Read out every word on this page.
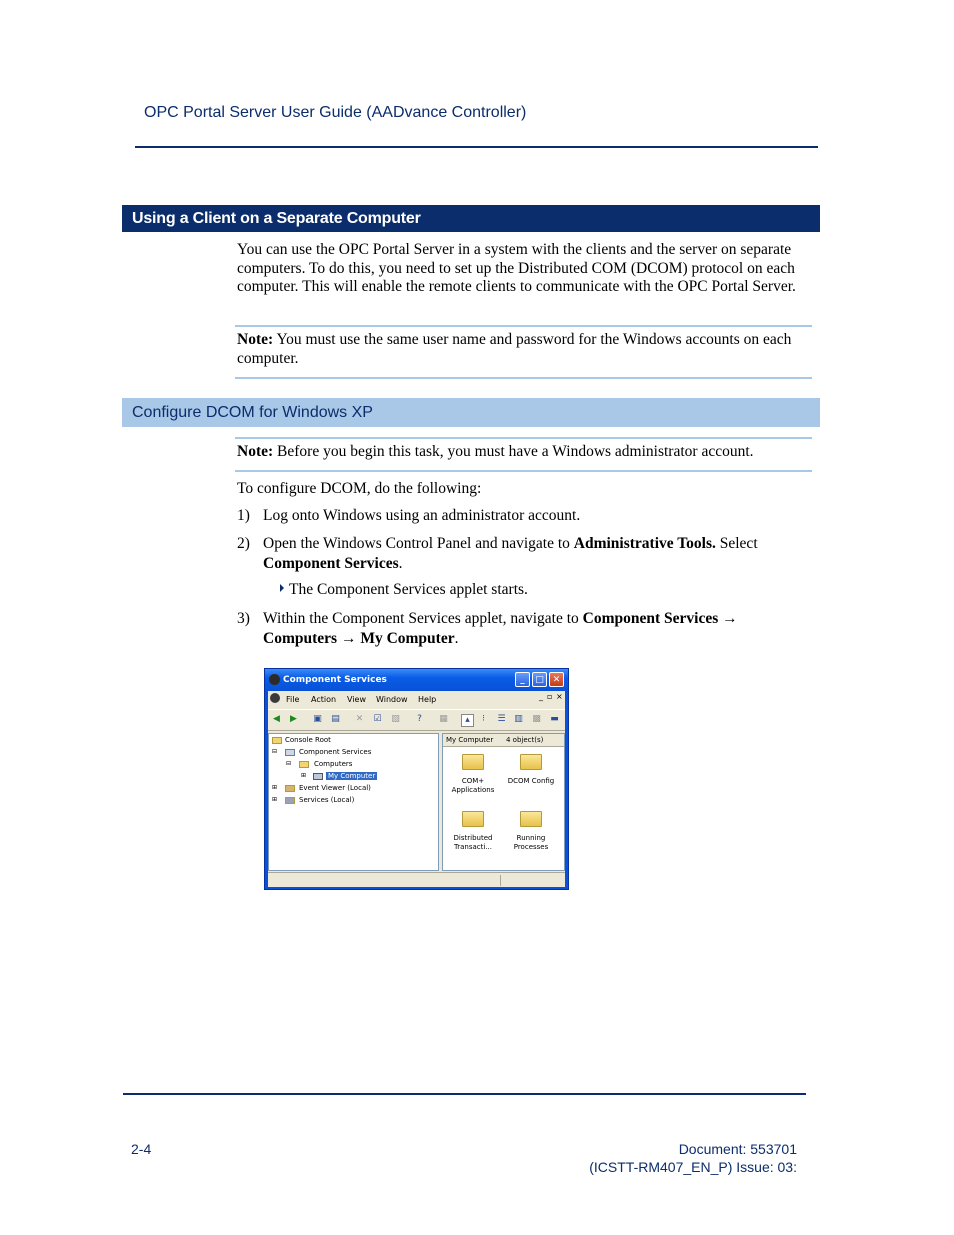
OPC Portal Server User Guide (AADvance Controller)
Using a Client on a Separate Computer
You can use the OPC Portal Server in a system with the clients and the server on separate computers. To do this, you need to set up the Distributed COM (DCOM) protocol on each computer. This will enable the remote clients to communicate with the OPC Portal Server.
Note: You must use the same user name and password for the Windows accounts on each computer.
Configure DCOM for Windows XP
Note: Before you begin this task, you must have a Windows administrator account.
To configure DCOM, do the following:
1) Log onto Windows using an administrator account.
2) Open the Windows Control Panel and navigate to Administrative Tools. Select Component Services.
The Component Services applet starts.
3) Within the Component Services applet, navigate to Component Services → Computers → My Computer.
Component Services	_	□ ✕
File Action View Window Help	_ ▫ ×
◀ ▶ ▣ ▤ ✕ ☑ ▧	?	▦	▴	⁝	☰ ▥ ▩ ▬
Console Root
⊟	Component Services
⊟	Computers
⊞	My Computer
⊞	Event Viewer (Local)
⊞	Services (Local)
My Computer 4 object(s)
COM+
Applications
DCOM Config
Distributed
Transacti...
Running
Processes
2-4	Document: 553701
(ICSTT-RM407_EN_P) Issue: 03:
